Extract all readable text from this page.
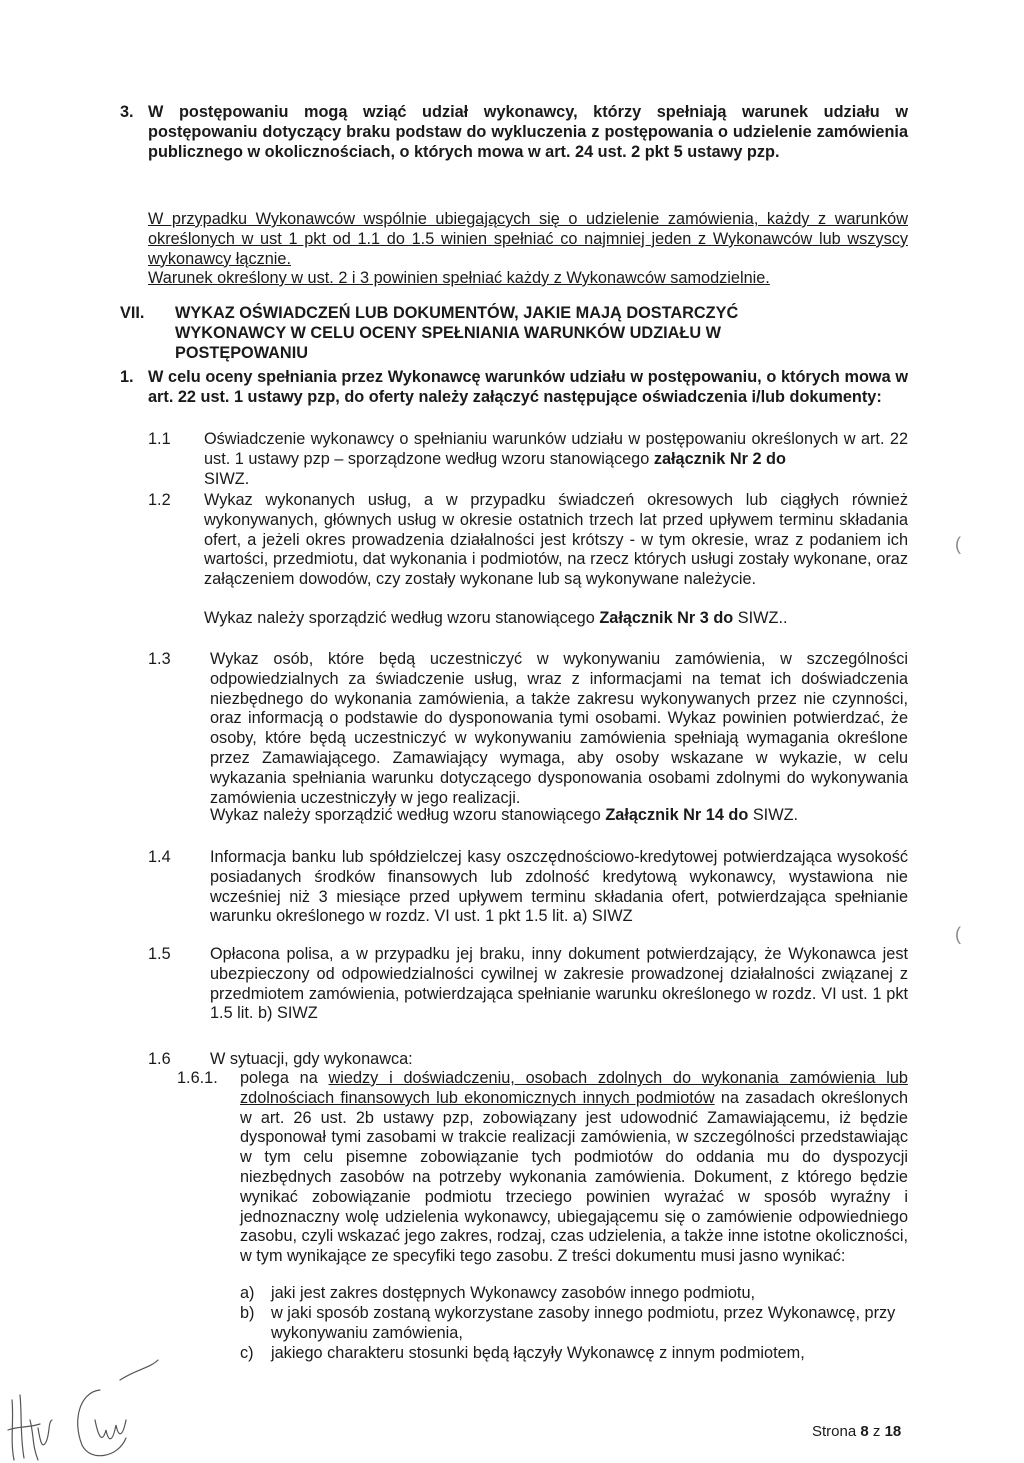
3. W postępowaniu mogą wziąć udział wykonawcy, którzy spełniają warunek udziału w postępowaniu dotyczący braku podstaw do wykluczenia z postępowania o udzielenie zamówienia publicznego w okolicznościach, o których mowa w art. 24 ust. 2 pkt 5 ustawy pzp.
W przypadku Wykonawców wspólnie ubiegających się o udzielenie zamówienia, każdy z warunków określonych w ust 1 pkt od 1.1 do 1.5 winien spełniać co najmniej jeden z Wykonawców lub wszyscy wykonawcy łącznie.
Warunek określony w ust. 2 i 3 powinien spełniać każdy z Wykonawców samodzielnie.
VII. WYKAZ OŚWIADCZEŃ LUB DOKUMENTÓW, JAKIE MAJĄ DOSTARCZYĆ WYKONAWCY W CELU OCENY SPEŁNIANIA WARUNKÓW UDZIAŁU W POSTĘPOWANIU
1. W celu oceny spełniania przez Wykonawcę warunków udziału w postępowaniu, o których mowa w art. 22 ust. 1 ustawy pzp, do oferty należy załączyć następujące oświadczenia i/lub dokumenty:
1.1 Oświadczenie wykonawcy o spełnianiu warunków udziału w postępowaniu określonych w art. 22 ust. 1 ustawy pzp – sporządzone według wzoru stanowiącego załącznik Nr 2 do
SIWZ.
1.2 Wykaz wykonanych usług, a w przypadku świadczeń okresowych lub ciągłych również wykonywanych, głównych usług w okresie ostatnich trzech lat przed upływem terminu składania ofert, a jeżeli okres prowadzenia działalności jest krótszy - w tym okresie, wraz z podaniem ich wartości, przedmiotu, dat wykonania i podmiotów, na rzecz których usługi zostały wykonane, oraz załączeniem dowodów, czy zostały wykonane lub są wykonywane należycie.
Wykaz należy sporządzić według wzoru stanowiącego Załącznik Nr 3 do SIWZ..
1.3 Wykaz osób, które będą uczestniczyć w wykonywaniu zamówienia, w szczególności odpowiedzialnych za świadczenie usług, wraz z informacjami na temat ich doświadczenia niezbędnego do wykonania zamówienia, a także zakresu wykonywanych przez nie czynności, oraz informacją o podstawie do dysponowania tymi osobami. Wykaz powinien potwierdzać, że osoby, które będą uczestniczyć w wykonywaniu zamówienia spełniają wymagania określone przez Zamawiającego. Zamawiający wymaga, aby osoby wskazane w wykazie, w celu wykazania spełniania warunku dotyczącego dysponowania osobami zdolnymi do wykonywania zamówienia uczestniczyły w jego realizacji.
Wykaz należy sporządzić według wzoru stanowiącego Załącznik Nr 14 do SIWZ.
1.4 Informacja banku lub spółdzielczej kasy oszczędnościowo-kredytowej potwierdzająca wysokość posiadanych środków finansowych lub zdolność kredytową wykonawcy, wystawiona nie wcześniej niż 3 miesiące przed upływem terminu składania ofert, potwierdzająca spełnianie warunku określonego w rozdz. VI ust. 1 pkt 1.5 lit. a) SIWZ
1.5 Opłacona polisa, a w przypadku jej braku, inny dokument potwierdzający, że Wykonawca jest ubezpieczony od odpowiedzialności cywilnej w zakresie prowadzonej działalności związanej z przedmiotem zamówienia, potwierdzająca spełnianie warunku określonego w rozdz. VI ust. 1 pkt 1.5 lit. b) SIWZ
1.6 W sytuacji, gdy wykonawca:
1.6.1. polega na wiedzy i doświadczeniu, osobach zdolnych do wykonania zamówienia lub zdolnościach finansowych lub ekonomicznych innych podmiotów na zasadach określonych w art. 26 ust. 2b ustawy pzp, zobowiązany jest udowodnić Zamawiającemu, iż będzie dysponował tymi zasobami w trakcie realizacji zamówienia, w szczególności przedstawiając w tym celu pisemne zobowiązanie tych podmiotów do oddania mu do dyspozycji niezbędnych zasobów na potrzeby wykonania zamówienia. Dokument, z którego będzie wynikać zobowiązanie podmiotu trzeciego powinien wyrażać w sposób wyraźny i jednoznaczny wolę udzielenia wykonawcy, ubiegającemu się o zamówienie odpowiedniego zasobu, czyli wskazać jego zakres, rodzaj, czas udzielenia, a także inne istotne okoliczności, w tym wynikające ze specyfiki tego zasobu. Z treści dokumentu musi jasno wynikać:
a) jaki jest zakres dostępnych Wykonawcy zasobów innego podmiotu,
b) w jaki sposób zostaną wykorzystane zasoby innego podmiotu, przez Wykonawcę, przy wykonywaniu zamówienia,
c) jakiego charakteru stosunki będą łączyły Wykonawcę z innym podmiotem,
(
(
Strona 8 z 18
